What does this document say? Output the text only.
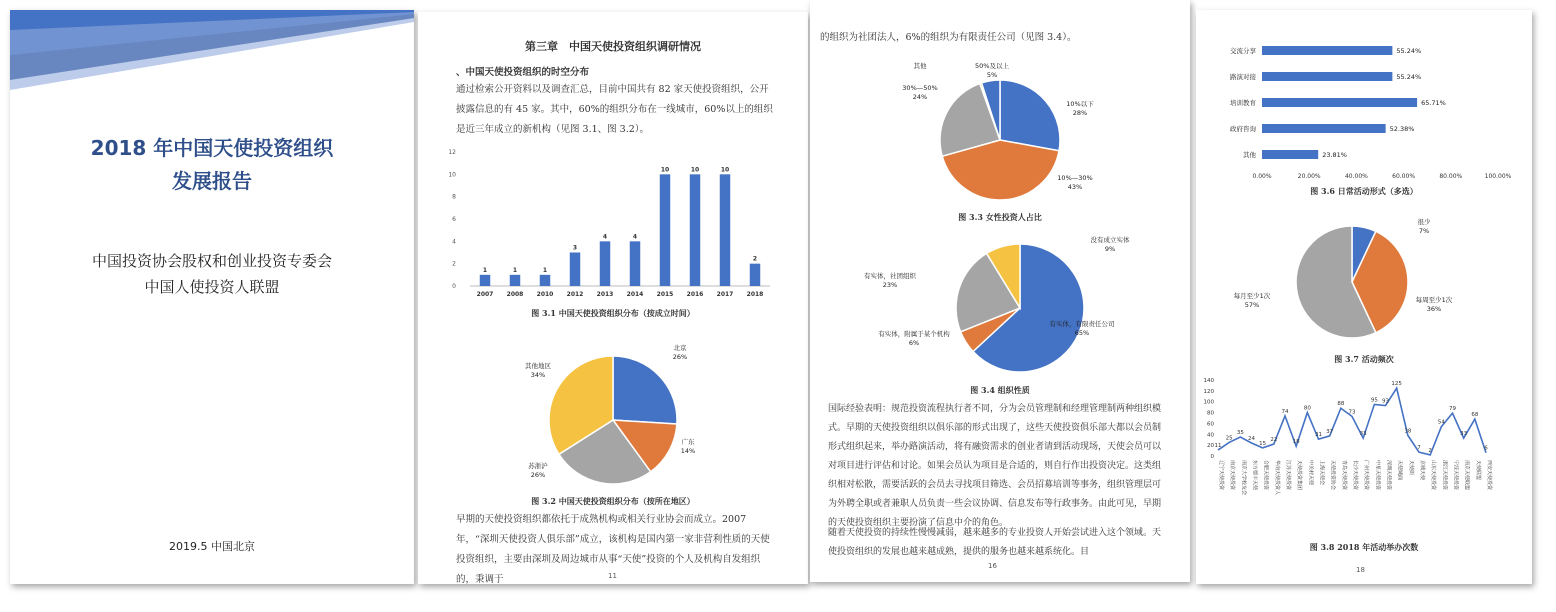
2018 年中国天使投资组织
发展报告
中国投资协会股权和创业投资专委会
中国人使投资人联盟
2019.5 中国北京
第三章　中国天使投资组织调研情况
、中国天使投资组织的时空分布
通过检索公开资料以及调查汇总，目前中国共有 82 家天使投资组织，公开披露信息的有 45 家。其中，60%的组织分布在一线城市，60%以上的组织是近三年成立的新机构（见图 3.1、图 3.2）。
0
2
4
6
8
10
12
1
2007
1
2008
1
2010
3
2012
4
2013
4
2014
10
2015
10
2016
10
2017
2
2018
图 3.1 中国天使投资组织分布（按成立时间）
北京 26%
广东 14%
苏浙沪 26%
其他地区 34%
图 3.2 中国天使投资组织分布（按所在地区）
早期的天使投资组织都依托于成熟机构或相关行业协会而成立。2007 年，“深圳天使投资人俱乐部”成立，该机构是国内第一家非营利性质的天使投资组织，主要由深圳及周边城市从事“天使”投资的个人及机构自发组织的，秉调于	11
的组织为社团法人，6%的组织为有限责任公司（见图 3.4）。
10%以下 28%
10%—30% 43%
30%—50% 24%
其他	50%及以上 5%
图 3.3 女性投资人占比
有实体，有限责任公司 65%
有实体，附属于某个机构 6%
有实体，社团组织 23%
没有成立实体 9%
图 3.4 组织性质
国际经验表明：规范投资流程执行者不同，分为会员管理制和经理管理制两种组织模式。早期的天使投资组织以俱乐部的形式出现了，这些天使投资俱乐部大都以会员制形式组织起来，举办路演活动，将有融资需求的创业者请到活动现场，天使会员可以对项目进行评估和讨论。如果会员认为项目是合适的，则自行作出投资决定。这类组织相对松散，需要活跃的会员去寻找项目筛选、会员招募培训等事务，组织管理层可为外聘全职或者兼职人员负责一些会议协调、信息发布等行政事务。由此可见，早期的天使投资组织主要扮演了信息中介的角色。
随着天使投资的持续性慢慢减弱，越来越多的专业投资人开始尝试进入这个领域。天使投资组织的发展也越来越成熟，提供的服务也越来越系统化。目
16
交流分享	55.24%
路演对接	55.24%
培训教育	65.71%
政府咨询	52.38%
其他	23.81%
0.00%	20.00%	40.00%	60.00%	80.00%	100.00%
图 3.6 日常活动形式（多选）
很少 7%
每周至少1次 36%
每月至少1次 57%
图 3.7 活动频次
0
20
40
60
80
100
120
140
11
辽宁天使投资
25
南京天使投资
35
南京大学校友会
24
东方德丰天使
15
合肥天使投资
22
华南天使投资人
74
江苏天使投资
18
天使投资集团
80
中关村天使
31
上海天使会
37
天使投资协会
88
青岛天使投资
73
长沙天使投资
33
广州天使投资
95
中星天使投资
93
深圳天使投资
125
天使城商
38
天使街
7
京城天使
2
山东天使投资
54
浙江天使投资
79
宁波天使投资
33
南京天使联盟
68
天使联盟
6
西安天使投资
图 3.8 2018 年活动举办次数
18
